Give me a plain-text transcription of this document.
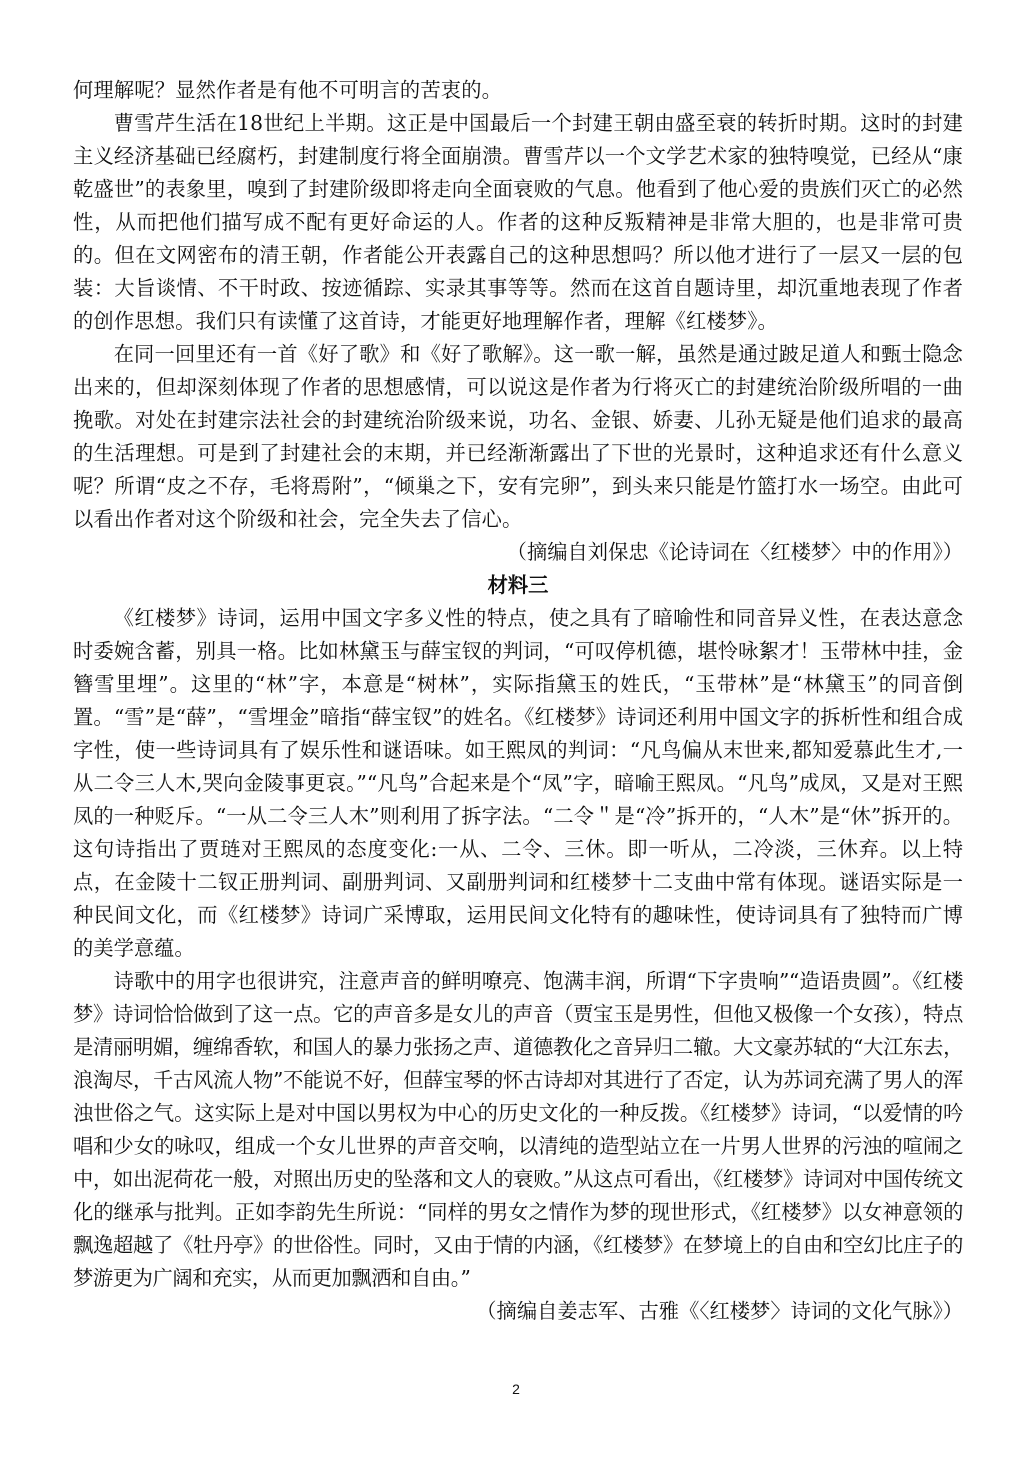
何理解呢？显然作者是有他不可明言的苦衷的。

曹雪芹生活在18世纪上半期。这正是中国最后一个封建王朝由盛至衰的转折时期。这时的封建主义经济基础已经腐朽，封建制度行将全面崩溃。曹雪芹以一个文学艺术家的独特嗅觉，已经从“康乾盛世”的表象里，嗅到了封建阶级即将走向全面衰败的气息。他看到了他心爱的贵族们灭亡的必然性，从而把他们描写成不配有更好命运的人。作者的这种反叛精神是非常大胆的，也是非常可贵的。但在文网密布的清王朝，作者能公开表露自己的这种思想吗？所以他才进行了一层又一层的包装：大旨谈情、不干时政、按迹循踪、实录其事等等。然而在这首自题诗里，却沉重地表现了作者的创作思想。我们只有读懂了这首诗，才能更好地理解作者，理解《红楼梦》。

在同一回里还有一首《好了歌》和《好了歌解》。这一歌一解，虽然是通过跛足道人和甄士隐念出来的，但却深刻体现了作者的思想感情，可以说这是作者为行将灭亡的封建统治阶级所唱的一曲挽歌。对处在封建宗法社会的封建统治阶级来说，功名、金银、娇妻、儿孙无疑是他们追求的最高的生活理想。可是到了封建社会的末期，并已经渐渐露出了下世的光景时，这种追求还有什么意义呢？所谓“皮之不存，毛将焉附”，“倾巢之下，安有完卵”，到头来只能是竹篮打水一场空。由此可以看出作者对这个阶级和社会，完全失去了信心。

（摘编自刘保忠《论诗词在〈红楼梦〉中的作用》）

材料三

《红楼梦》诗词，运用中国文字多义性的特点，使之具有了暗喻性和同音异义性，在表达意念时委婉含蓄，别具一格。比如林黛玉与薛宝钗的判词，“可叹停机德，堪怜咏絮才！玉带林中挂，金簪雪里埋”。这里的“林”字，本意是“树林”，实际指黛玉的姓氏，“玉带林”是“林黛玉”的同音倒置。“雪”是“薛”，“雪埋金”暗指“薛宝钗”的姓名。《红楼梦》诗词还利用中国文字的拆析性和组合成字性，使一些诗词具有了娱乐性和谜语味。如王熙凤的判词：“凡鸟偏从末世来,都知爱慕此生才,一从二令三人木,哭向金陵事更哀。”“凡鸟”合起来是个“凤”字，暗喻王熙凤。“凡鸟”成凤，又是对王熙凤的一种贬斥。“一从二令三人木”则利用了拆字法。“二令＂是“冷”拆开的，“人木”是“休”拆开的。这句诗指出了贾琏对王熙凤的态度变化:一从、二令、三休。即一听从，二冷淡，三休弃。以上特点，在金陵十二钗正册判词、副册判词、又副册判词和红楼梦十二支曲中常有体现。谜语实际是一种民间文化，而《红楼梦》诗词广采博取，运用民间文化特有的趣味性，使诗词具有了独特而广博的美学意蕴。

诗歌中的用字也很讲究，注意声音的鲜明嘹亮、饱满丰润，所谓“下字贵响”“造语贵圆”。《红楼梦》诗词恰恰做到了这一点。它的声音多是女儿的声音（贾宝玉是男性，但他又极像一个女孩），特点是清丽明媚，缠绵香软，和国人的暴力张扬之声、道德教化之音异归二辙。大文豪苏轼的“大江东去，浪淘尽，千古风流人物”不能说不好，但薛宝琴的怀古诗却对其进行了否定，认为苏词充满了男人的浑浊世俗之气。这实际上是对中国以男权为中心的历史文化的一种反拨。《红楼梦》诗词，“以爱情的吟唱和少女的咏叹，组成一个女儿世界的声音交响，以清纯的造型站立在一片男人世界的污浊的喧闹之中，如出泥荷花一般，对照出历史的坠落和文人的衰败。”从这点可看出，《红楼梦》诗词对中国传统文化的继承与批判。正如李韵先生所说：“同样的男女之情作为梦的现世形式，《红楼梦》以女神意领的飘逸超越了《牡丹亭》的世俗性。同时，又由于情的内涵，《红楼梦》在梦境上的自由和空幻比庄子的梦游更为广阔和充实，从而更加飘洒和自由。”

（摘编自姜志军、古雅《〈红楼梦〉诗词的文化气脉》）

2
